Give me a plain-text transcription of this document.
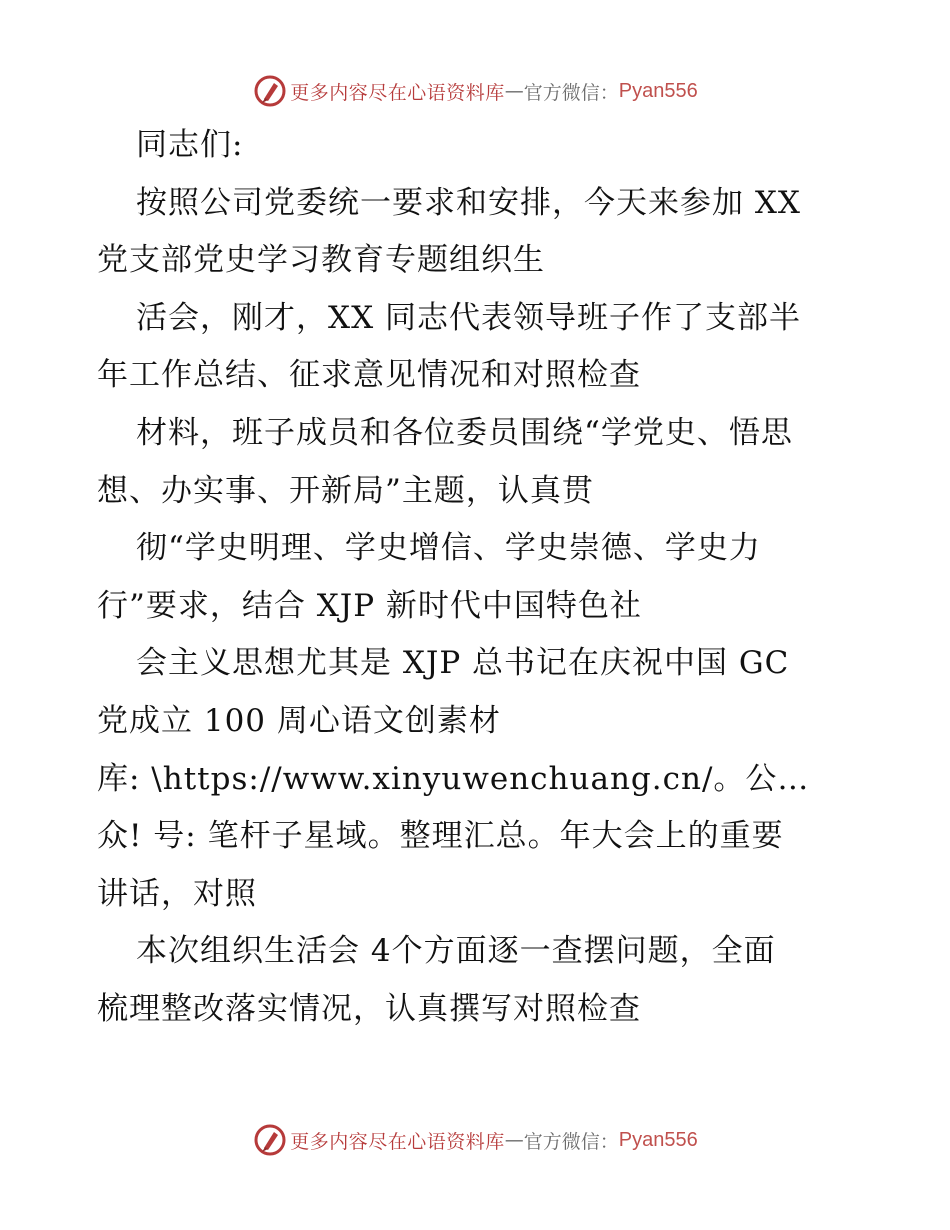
更多内容尽在心语资料库 — 官方微信： Pyan556
同志们:
按照公司党委统一要求和安排，今天来参加 XX
党支部党史学习教育专题组织生
活会，刚才，XX 同志代表领导班子作了支部半
年工作总结、征求意见情况和对照检查
材料，班子成员和各位委员围绕“学党史、悟思
想、办实事、开新局”主题，认真贯
彻“学史明理、学史增信、学史崇德、学史力
行”要求，结合 XJP 新时代中国特色社
会主义思想尤其是 XJP 总书记在庆祝中国 GC
党成立 100 周心语文创素材
库: \https://www.xinyuwenchuang.cn/。公…
众! 号: 笔杆子星域。整理汇总。年大会上的重要
讲话，对照
本次组织生活会 4个方面逐一查摆问题，全面
梳理整改落实情况，认真撰写对照检查
更多内容尽在心语资料库 — 官方微信： Pyan556
